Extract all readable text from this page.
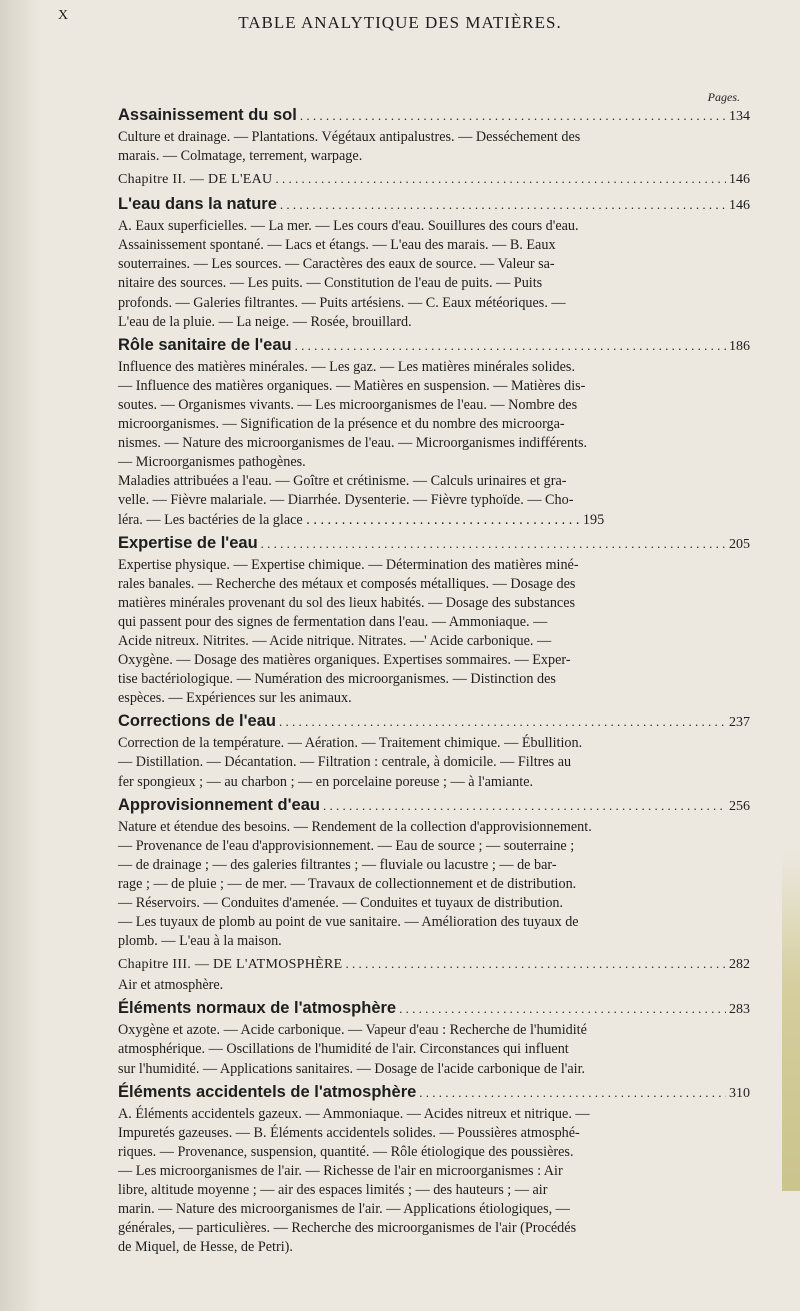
X	TABLE ANALYTIQUE DES MATIÈRES.
Pages.
Assainissement du sol . . .	134
Culture et drainage. — Plantations. Végétaux antipalustres. — Desséchement des
marais. — Colmatage, terrement, warpage.
Chapitre II. — DE L'EAU . . .	146
L'eau dans la nature . . .	146
A. Eaux superficielles. — La mer. — Les cours d'eau. Souillures des cours d'eau.
Assainissement spontané. — Lacs et étangs. — L'eau des marais. — B. Eaux
souterraines. — Les sources. — Caractères des eaux de source. — Valeur sa-
nitaire des sources. — Les puits. — Constitution de l'eau de puits. — Puits
profonds. — Galeries filtrantes. — Puits artésiens. — C. Eaux météoriques. —
L'eau de la pluie. — La neige. — Rosée, brouillard.
Rôle sanitaire de l'eau . . .	186
Influence des matières minérales. — Les gaz. — Les matières minérales solides.
— Influence des matières organiques. — Matières en suspension. — Matières dis-
soutes. — Organismes vivants. — Les microorganismes de l'eau. — Nombre des
microorganismes. — Signification de la présence et du nombre des microorga-
nismes. — Nature des microorganismes de l'eau. — Microorganismes indifférents.
— Microorganismes pathogènes.
Maladies attribuées a l'eau. — Goître et crétinisme. — Calculs urinaires et gra-
velle. — Fièvre malariale. — Diarrhée. Dysenterie. — Fièvre typhoïde. — Cho-
léra. — Les bactéries de la glace . . . . . . . . . . . . . . . . . . . . . . . . . . . . . . . . . . . . . . . 195
Expertise de l'eau . . .	205
Expertise physique. — Expertise chimique. — Détermination des matières miné-
rales banales. — Recherche des métaux et composés métalliques. — Dosage des
matières minérales provenant du sol des lieux habités. — Dosage des substances
qui passent pour des signes de fermentation dans l'eau. — Ammoniaque. —
Acide nitreux. Nitrites. — Acide nitrique. Nitrates. —' Acide carbonique. —
Oxygène. — Dosage des matières organiques. Expertises sommaires. — Exper-
tise bactériologique. — Numération des microorganismes. — Distinction des
espèces. — Expériences sur les animaux.
Corrections de l'eau . . .	237
Correction de la température. — Aération. — Traitement chimique. — Ébullition.
— Distillation. — Décantation. — Filtration : centrale, à domicile. — Filtres au
fer spongieux ; — au charbon ; — en porcelaine poreuse ; — à l'amiante.
Approvisionnement d'eau . . .	256
Nature et étendue des besoins. — Rendement de la collection d'approvisionnement.
— Provenance de l'eau d'approvisionnement. — Eau de source ; — souterraine ;
— de drainage ; — des galeries filtrantes ; — fluviale ou lacustre ; — de bar-
rage ; — de pluie ; — de mer. — Travaux de collectionnement et de distribution.
— Réservoirs. — Conduites d'amenée. — Conduites et tuyaux de distribution.
— Les tuyaux de plomb au point de vue sanitaire. — Amélioration des tuyaux de
plomb. — L'eau à la maison.
Chapitre III. — DE L'ATMOSPHÈRE . . .	282
Air et atmosphère.
Éléments normaux de l'atmosphère . . .	283
Oxygène et azote. — Acide carbonique. — Vapeur d'eau : Recherche de l'humidité
atmosphérique. — Oscillations de l'humidité de l'air. Circonstances qui influent
sur l'humidité. — Applications sanitaires. — Dosage de l'acide carbonique de l'air.
Éléments accidentels de l'atmosphère . . .	310
A. Éléments accidentels gazeux. — Ammoniaque. — Acides nitreux et nitrique. —
Impuretés gazeuses. — B. Éléments accidentels solides. — Poussières atmosphé-
riques. — Provenance, suspension, quantité. — Rôle étiologique des poussières.
— Les microorganismes de l'air. — Richesse de l'air en microorganismes : Air
libre, altitude moyenne ; — air des espaces limités ; — des hauteurs ; — air
marin. — Nature des microorganismes de l'air. — Applications étiologiques, —
générales, — particulières. — Recherche des microorganismes de l'air (Procédés
de Miquel, de Hesse, de Petri).
